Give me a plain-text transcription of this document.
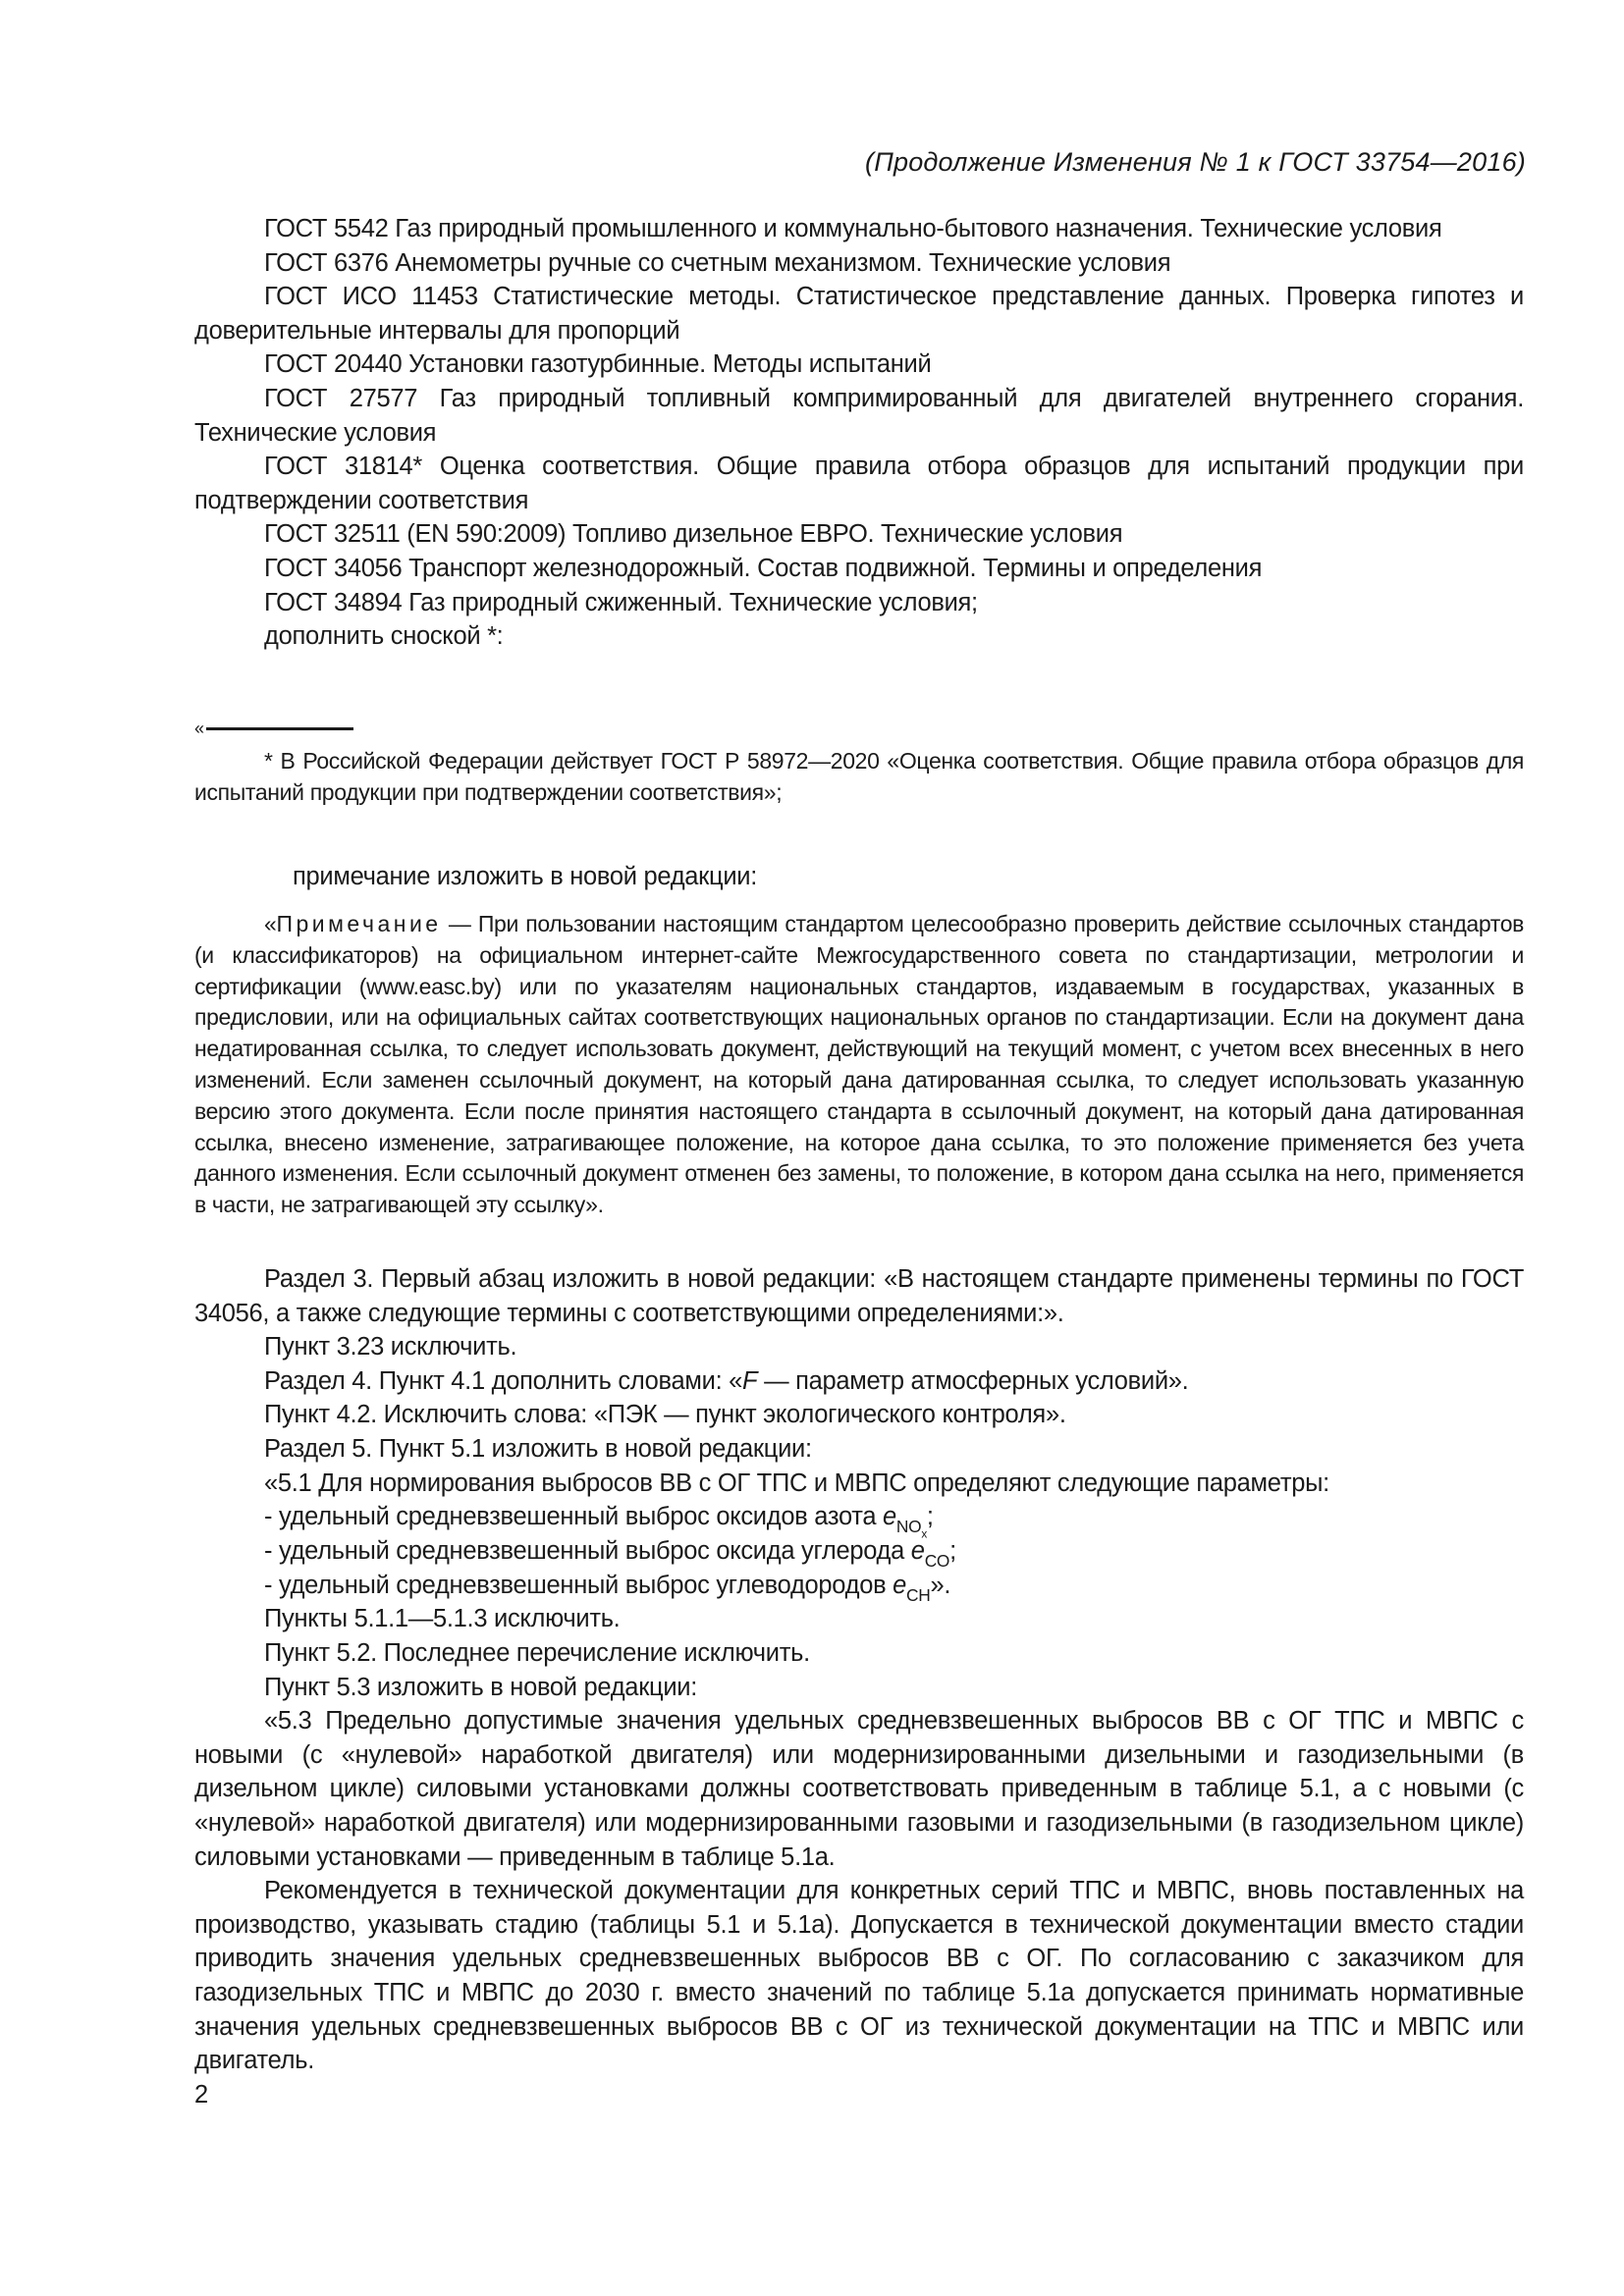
(Продолжение Изменения № 1 к ГОСТ 33754—2016)

ГОСТ 5542 Газ природный промышленного и коммунально-бытового назначения. Технические условия

ГОСТ 6376 Анемометры ручные со счетным механизмом. Технические условия

ГОСТ ИСО 11453 Статистические методы. Статистическое представление данных. Проверка гипотез и доверительные интервалы для пропорций

ГОСТ 20440 Установки газотурбинные. Методы испытаний

ГОСТ 27577 Газ природный топливный компримированный для двигателей внутреннего сгорания. Технические условия

ГОСТ 31814* Оценка соответствия. Общие правила отбора образцов для испытаний продукции при подтверждении соответствия

ГОСТ 32511 (EN 590:2009) Топливо дизельное ЕВРО. Технические условия

ГОСТ 34056 Транспорт железнодорожный. Состав подвижной. Термины и определения

ГОСТ 34894 Газ природный сжиженный. Технические условия;

дополнить сноской *:

«

* В Российской Федерации действует ГОСТ Р 58972—2020 «Оценка соответствия. Общие правила отбора образцов для испытаний продукции при подтверждении соответствия»;

примечание изложить в новой редакции:

«Примечание — При пользовании настоящим стандартом целесообразно проверить действие ссылочных стандартов (и классификаторов) на официальном интернет-сайте Межгосударственного совета по стандартизации, метрологии и сертификации (www.easc.by) или по указателям национальных стандартов, издаваемым в государствах, указанных в предисловии, или на официальных сайтах соответствующих национальных органов по стандартизации. Если на документ дана недатированная ссылка, то следует использовать документ, действующий на текущий момент, с учетом всех внесенных в него изменений. Если заменен ссылочный документ, на который дана датированная ссылка, то следует использовать указанную версию этого документа. Если после принятия настоящего стандарта в ссылочный документ, на который дана датированная ссылка, внесено изменение, затрагивающее положение, на которое дана ссылка, то это положение применяется без учета данного изменения. Если ссылочный документ отменен без замены, то положение, в котором дана ссылка на него, применяется в части, не затрагивающей эту ссылку».

Раздел 3. Первый абзац изложить в новой редакции: «В настоящем стандарте применены термины по ГОСТ 34056, а также следующие термины с соответствующими определениями:».

Пункт 3.23 исключить.

Раздел 4. Пункт 4.1 дополнить словами: «F — параметр атмосферных условий».

Пункт 4.2. Исключить слова: «ПЭК — пункт экологического контроля».

Раздел 5. Пункт 5.1 изложить в новой редакции:

«5.1 Для нормирования выбросов ВВ с ОГ ТПС и МВПС определяют следующие параметры:

- удельный средневзвешенный выброс оксидов азота $e_{NO_x}$;

- удельный средневзвешенный выброс оксида углерода $e_{CO}$;

- удельный средневзвешенный выброс углеводородов $e_{CH}$».

Пункты 5.1.1—5.1.3 исключить.

Пункт 5.2. Последнее перечисление исключить.

Пункт 5.3 изложить в новой редакции:

«5.3 Предельно допустимые значения удельных средневзвешенных выбросов ВВ с ОГ ТПС и МВПС с новыми (с «нулевой» наработкой двигателя) или модернизированными дизельными и газодизельными (в дизельном цикле) силовыми установками должны соответствовать приведенным в таблице 5.1, а с новыми (с «нулевой» наработкой двигателя) или модернизированными газовыми и газодизельными (в газодизельном цикле) силовыми установками — приведенным в таблице 5.1а.

Рекомендуется в технической документации для конкретных серий ТПС и МВПС, вновь поставленных на производство, указывать стадию (таблицы 5.1 и 5.1а). Допускается в технической документации вместо стадии приводить значения удельных средневзвешенных выбросов ВВ с ОГ. По согласованию с заказчиком для газодизельных ТПС и МВПС до 2030 г. вместо значений по таблице 5.1а допускается принимать нормативные значения удельных средневзвешенных выбросов ВВ с ОГ из технической документации на ТПС и МВПС или двигатель.

2
